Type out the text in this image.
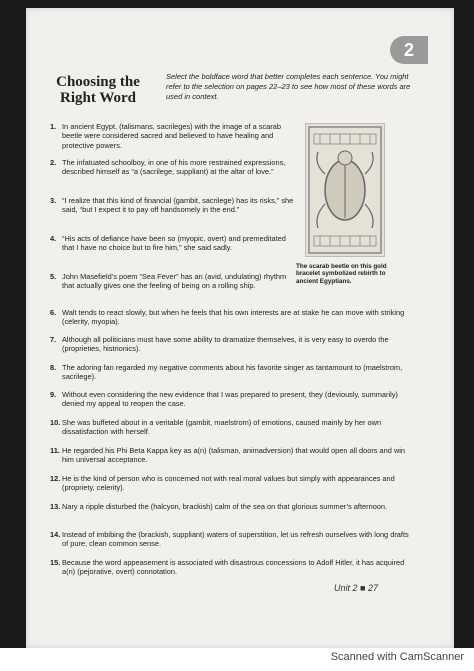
2
Choosing the Right Word
Select the boldface word that better completes each sentence. You might refer to the selection on pages 22–23 to see how most of these words are used in context.
1. In ancient Egypt, (talismans, sacrileges) with the image of a scarab beetle were considered sacred and believed to have healing and protective powers.
2. The infatuated schoolboy, in one of his more restrained expressions, described himself as “a (sacrilege, suppliant) at the altar of love.”
3. “I realize that this kind of financial (gambit, sacrilege) has its risks,” she said, “but I expect it to pay off handsomely in the end.”
4. “His acts of defiance have been so (myopic, overt) and premeditated that I have no choice but to fire him,” she said sadly.
5. John Masefield’s poem “Sea Fever” has an (avid, undulating) rhythm that actually gives one the feeling of being on a rolling ship.
The scarab beetle on this gold bracelet symbolized rebirth to ancient Egyptians.
6. Walt tends to react slowly, but when he feels that his own interests are at stake he can move with striking (celerity, myopia).
7. Although all politicians must have some ability to dramatize themselves, it is very easy to overdo the (proprieties, histrionics).
8. The adoring fan regarded my negative comments about his favorite singer as tantamount to (maelstrom, sacrilege).
9. Without even considering the new evidence that I was prepared to present, they (deviously, summarily) denied my appeal to reopen the case.
10. She was buffeted about in a veritable (gambit, maelstrom) of emotions, caused mainly by her own dissatisfaction with herself.
11. He regarded his Phi Beta Kappa key as a(n) (talisman, animadversion) that would open all doors and win him universal acceptance.
12. He is the kind of person who is concerned not with real moral values but simply with appearances and (propriety, celerity).
13. Nary a ripple disturbed the (halcyon, brackish) calm of the sea on that glorious summer’s afternoon.
14. Instead of imbibing the (brackish, suppliant) waters of superstition, let us refresh ourselves with long drafts of pure, clean common sense.
15. Because the word appeasement is associated with disastrous concessions to Adolf Hitler, it has acquired a(n) (pejorative, overt) connotation.
Unit 2 ■ 27
Scanned with CamScanner
